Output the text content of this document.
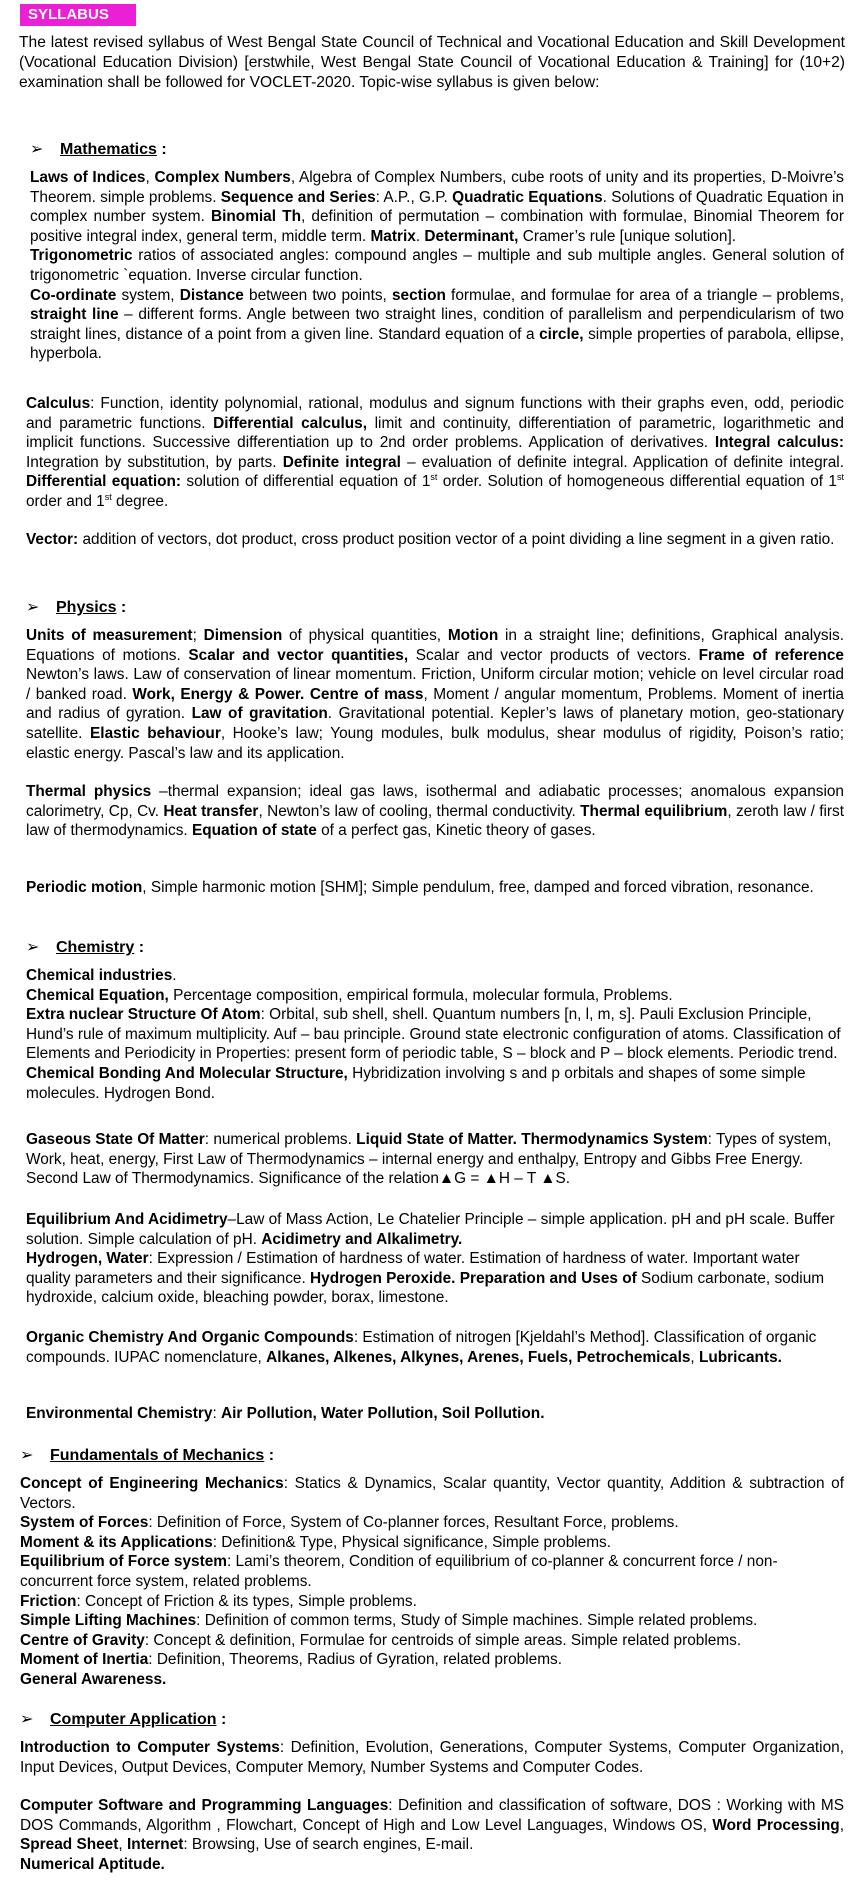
SYLLABUS

The latest revised syllabus of West Bengal State Council of Technical and Vocational Education and Skill Development (Vocational Education Division) [erstwhile, West Bengal State Council of Vocational Education & Training] for (10+2) examination shall be followed for VOCLET-2020. Topic-wise syllabus is given below:

➢ Mathematics :

Laws of Indices, Complex Numbers, Algebra of Complex Numbers, cube roots of unity and its properties, D-Moivre’s Theorem. simple problems. Sequence and Series: A.P., G.P. Quadratic Equations. Solutions of Quadratic Equation in complex number system. Binomial Th, definition of permutation – combination with formulae, Binomial Theorem for positive integral index, general term, middle term. Matrix. Determinant, Cramer’s rule [unique solution].

Trigonometric ratios of associated angles: compound angles – multiple and sub multiple angles. General solution of trigonometric `equation. Inverse circular function.

Co-ordinate system, Distance between two points, section formulae, and formulae for area of a triangle – problems, straight line – different forms. Angle between two straight lines, condition of parallelism and perpendicularism of two straight lines, distance of a point from a given line. Standard equation of a circle, simple properties of parabola, ellipse, hyperbola.

Calculus: Function, identity polynomial, rational, modulus and signum functions with their graphs even, odd, periodic and parametric functions. Differential calculus, limit and continuity, differentiation of parametric, logarithmetic and implicit functions. Successive differentiation up to 2nd order problems. Application of derivatives. Integral calculus: Integration by substitution, by parts. Definite integral – evaluation of definite integral. Application of definite integral. Differential equation: solution of differential equation of 1st order. Solution of homogeneous differential equation of 1st order and 1st degree.

Vector: addition of vectors, dot product, cross product position vector of a point dividing a line segment in a given ratio.

➢ Physics :

Units of measurement; Dimension of physical quantities, Motion in a straight line; definitions, Graphical analysis. Equations of motions. Scalar and vector quantities, Scalar and vector products of vectors. Frame of reference Newton’s laws. Law of conservation of linear momentum. Friction, Uniform circular motion; vehicle on level circular road / banked road. Work, Energy & Power. Centre of mass, Moment / angular momentum, Problems. Moment of inertia and radius of gyration. Law of gravitation. Gravitational potential. Kepler’s laws of planetary motion, geo-stationary satellite. Elastic behaviour, Hooke’s law; Young modules, bulk modulus, shear modulus of rigidity, Poison’s ratio; elastic energy. Pascal’s law and its application.

Thermal physics –thermal expansion; ideal gas laws, isothermal and adiabatic processes; anomalous expansion calorimetry, Cp, Cv. Heat transfer, Newton’s law of cooling, thermal conductivity. Thermal equilibrium, zeroth law / first law of thermodynamics. Equation of state of a perfect gas, Kinetic theory of gases.

Periodic motion, Simple harmonic motion [SHM]; Simple pendulum, free, damped and forced vibration, resonance.

➢ Chemistry :

Chemical industries.

Chemical Equation, Percentage composition, empirical formula, molecular formula, Problems.

Extra nuclear Structure Of Atom: Orbital, sub shell, shell. Quantum numbers [n, l, m, s]. Pauli Exclusion Principle, Hund’s rule of maximum multiplicity. Auf – bau principle. Ground state electronic configuration of atoms. Classification of Elements and Periodicity in Properties: present form of periodic table, S – block and P – block elements. Periodic trend.

Chemical Bonding And Molecular Structure, Hybridization involving s and p orbitals and shapes of some simple molecules. Hydrogen Bond.

Gaseous State Of Matter: numerical problems. Liquid State of Matter. Thermodynamics System: Types of system, Work, heat, energy, First Law of Thermodynamics – internal energy and enthalpy, Entropy and Gibbs Free Energy. Second Law of Thermodynamics. Significance of the relation▲G = ▲H – T ▲S.

Equilibrium And Acidimetry–Law of Mass Action, Le Chatelier Principle – simple application. pH and pH scale. Buffer solution. Simple calculation of pH. Acidimetry and Alkalimetry.

Hydrogen, Water: Expression / Estimation of hardness of water. Estimation of hardness of water. Important water quality parameters and their significance. Hydrogen Peroxide. Preparation and Uses of Sodium carbonate, sodium hydroxide, calcium oxide, bleaching powder, borax, limestone.

Organic Chemistry And Organic Compounds: Estimation of nitrogen [Kjeldahl’s Method]. Classification of organic compounds. IUPAC nomenclature, Alkanes, Alkenes, Alkynes, Arenes, Fuels, Petrochemicals, Lubricants.

Environmental Chemistry: Air Pollution, Water Pollution, Soil Pollution.

➢ Fundamentals of Mechanics :

Concept of Engineering Mechanics: Statics & Dynamics, Scalar quantity, Vector quantity, Addition & subtraction of Vectors.

System of Forces: Definition of Force, System of Co-planner forces, Resultant Force, problems.

Moment & its Applications: Definition& Type, Physical significance, Simple problems.

Equilibrium of Force system: Lami’s theorem, Condition of equilibrium of co-planner & concurrent force / non-concurrent force system, related problems.

Friction: Concept of Friction & its types, Simple problems.

Simple Lifting Machines: Definition of common terms, Study of Simple machines. Simple related problems.

Centre of Gravity: Concept & definition, Formulae for centroids of simple areas. Simple related problems.

Moment of Inertia: Definition, Theorems, Radius of Gyration, related problems.

General Awareness.

➢ Computer Application :

Introduction to Computer Systems: Definition, Evolution, Generations, Computer Systems, Computer Organization, Input Devices, Output Devices, Computer Memory, Number Systems and Computer Codes.

Computer Software and Programming Languages: Definition and classification of software, DOS : Working with MS DOS Commands, Algorithm , Flowchart, Concept of High and Low Level Languages, Windows OS, Word Processing, Spread Sheet, Internet: Browsing, Use of search engines, E-mail.

Numerical Aptitude.
